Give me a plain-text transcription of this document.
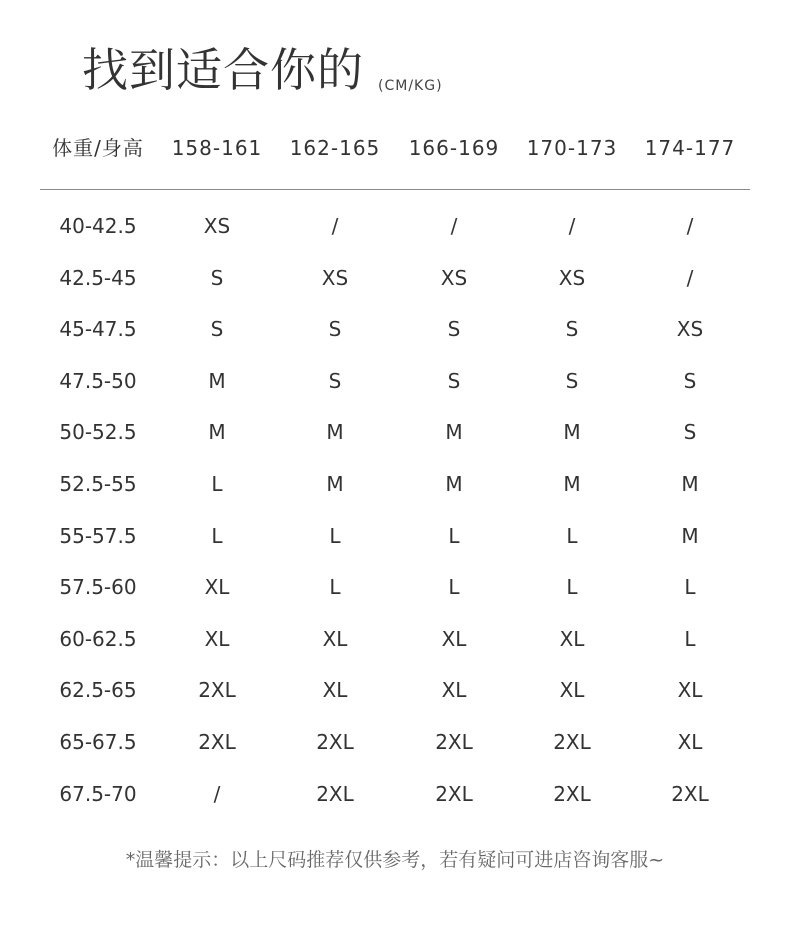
找到适合你的 (CM/KG)
体重/身高	158-161	162-165	166-169	170-173	174-177
40-42.5	XS	/	/	/	/
42.5-45	S	XS	XS	XS	/
45-47.5	S	S	S	S	XS
47.5-50	M	S	S	S	S
50-52.5	M	M	M	M	S
52.5-55	L	M	M	M	M
55-57.5	L	L	L	L	M
57.5-60	XL	L	L	L	L
60-62.5	XL	XL	XL	XL	L
62.5-65	2XL	XL	XL	XL	XL
65-67.5	2XL	2XL	2XL	2XL	XL
67.5-70	/	2XL	2XL	2XL	2XL
*温馨提示：以上尺码推荐仅供参考，若有疑问可进店咨询客服~
